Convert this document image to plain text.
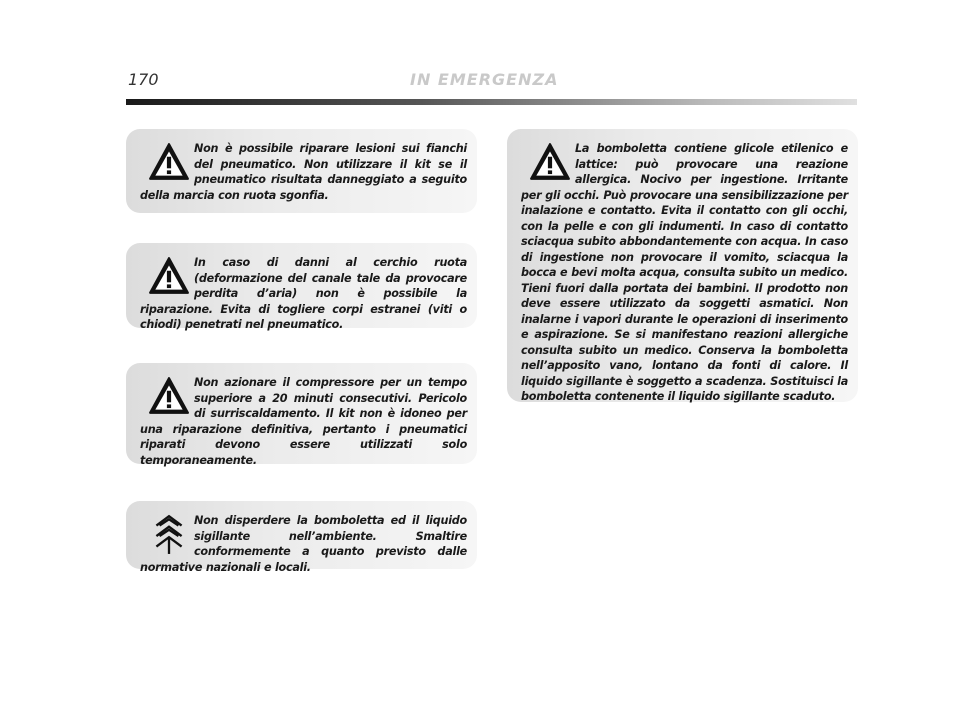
170	IN EMERGENZA

Non è possibile riparare lesioni sui fianchi del pneumatico. Non utilizzare il kit se il pneumatico risultata danneggiato a seguito della marcia con ruota sgonfia.

In caso di danni al cerchio ruota (deformazione del canale tale da provocare perdita d’aria) non è possibile la riparazione. Evita di togliere corpi estranei (viti o chiodi) penetrati nel pneumatico.

Non azionare il compressore per un tempo superiore a 20 minuti consecutivi. Pericolo di surriscaldamento. Il kit non è idoneo per una riparazione definitiva, pertanto i pneumatici riparati devono essere utilizzati solo temporaneamente.

Non disperdere la bomboletta ed il liquido sigillante nell’ambiente. Smaltire conformemente a quanto previsto dalle normative nazionali e locali.

La bomboletta contiene glicole etilenico e lattice: può provocare una reazione allergica. Nocivo per ingestione. Irritante per gli occhi. Può provocare una sensibilizzazione per inalazione e contatto. Evita il contatto con gli occhi, con la pelle e con gli indumenti. In caso di contatto sciacqua subito abbondantemente con acqua. In caso di ingestione non provocare il vomito, sciacqua la bocca e bevi molta acqua, consulta subito un medico. Tieni fuori dalla portata dei bambini. Il prodotto non deve essere utilizzato da soggetti asmatici. Non inalarne i vapori durante le operazioni di inserimento e aspirazione. Se si manifestano reazioni allergiche consulta subito un medico. Conserva la bomboletta nell’apposito vano, lontano da fonti di calore. Il liquido sigillante è soggetto a scadenza. Sostituisci la bomboletta contenente il liquido sigillante scaduto.
